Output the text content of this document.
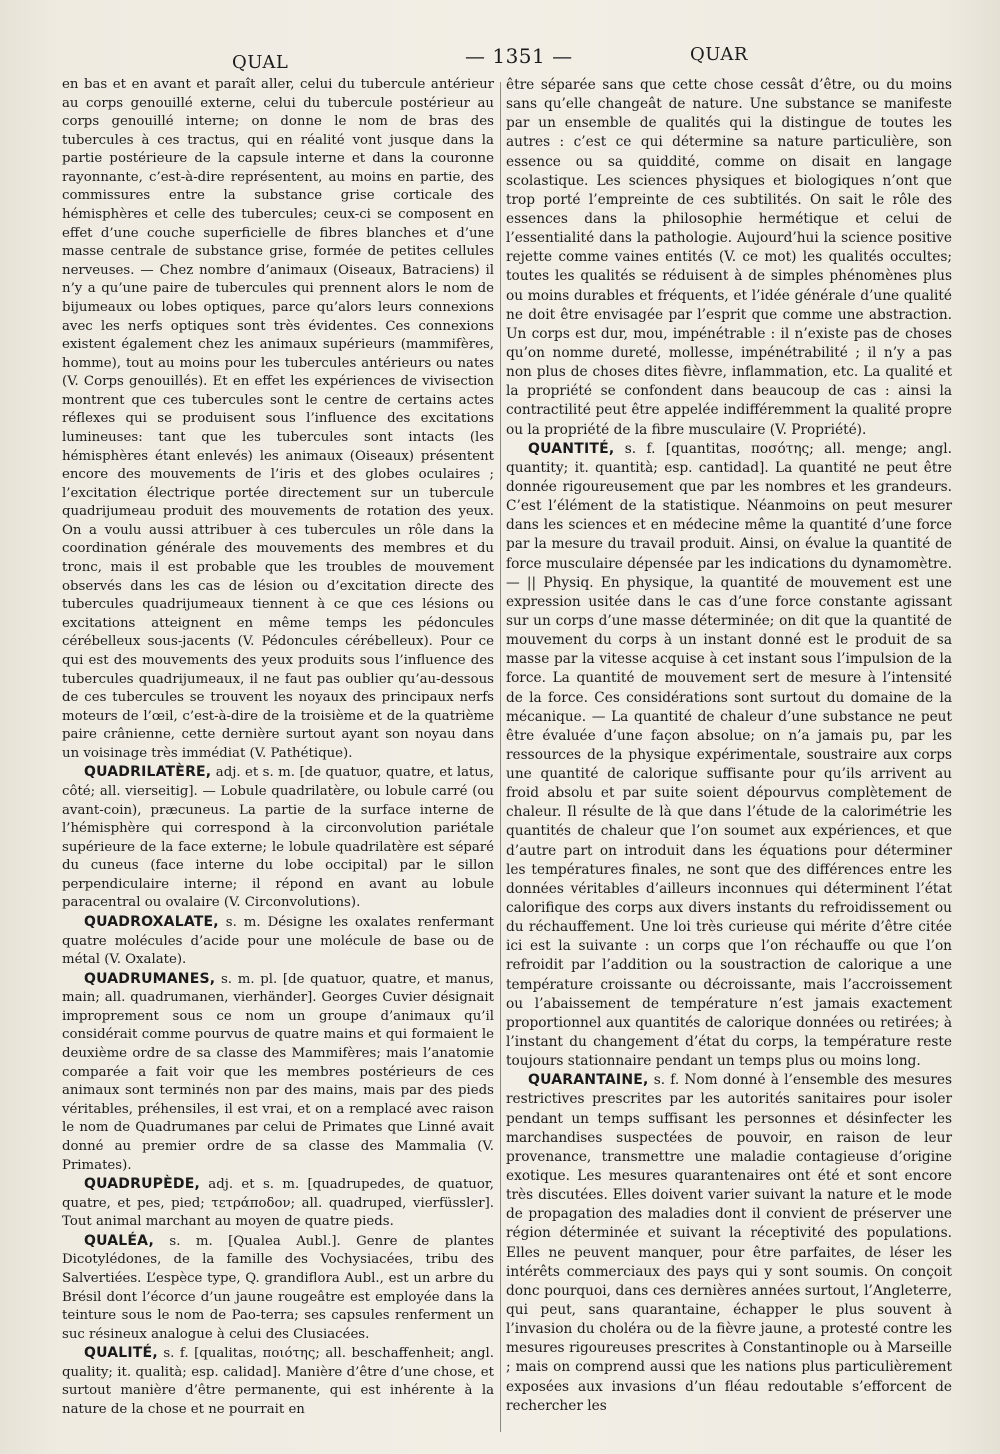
QUAL	— 1351 —	QUAR

en bas et en avant et paraît aller, celui du tubercule antérieur au corps genouillé externe, celui du tubercule postérieur au corps genouillé interne; on donne le nom de bras des tubercules à ces tractus, qui en réalité vont jusque dans la partie postérieure de la capsule interne et dans la couronne rayonnante, c’est-à-dire représentent, au moins en partie, des commissures entre la substance grise corticale des hémisphères et celle des tubercules; ceux-ci se composent en effet d’une couche superficielle de fibres blanches et d’une masse centrale de substance grise, formée de petites cellules nerveuses. — Chez nombre d’animaux (Oiseaux, Batraciens) il n’y a qu’une paire de tubercules qui prennent alors le nom de bijumeaux ou lobes optiques, parce qu’alors leurs connexions avec les nerfs optiques sont très évidentes. Ces connexions existent également chez les animaux supérieurs (mammifères, homme), tout au moins pour les tubercules antérieurs ou nates (V. Corps genouillés). Et en effet les expériences de vivisection montrent que ces tubercules sont le centre de certains actes réflexes qui se produisent sous l’influence des excitations lumineuses: tant que les tubercules sont intacts (les hémisphères étant enlevés) les animaux (Oiseaux) présentent encore des mouvements de l’iris et des globes oculaires ; l’excitation électrique portée directement sur un tubercule quadrijumeau produit des mouvements de rotation des yeux. On a voulu aussi attribuer à ces tubercules un rôle dans la coordination générale des mouvements des membres et du tronc, mais il est probable que les troubles de mouvement observés dans les cas de lésion ou d’excitation directe des tubercules quadrijumeaux tiennent à ce que ces lésions ou excitations atteignent en même temps les pédoncules cérébelleux sous-jacents (V. Pédoncules cérébelleux). Pour ce qui est des mouvements des yeux produits sous l’influence des tubercules quadrijumeaux, il ne faut pas oublier qu’au-dessous de ces tubercules se trouvent les noyaux des principaux nerfs moteurs de l’œil, c’est-à-dire de la troisième et de la quatrième paire crânienne, cette dernière surtout ayant son noyau dans un voisinage très immédiat (V. Pathétique).

QUADRILATÈRE, adj. et s. m. [de quatuor, quatre, et latus, côté; all. vierseitig]. — Lobule quadrilatère, ou lobule carré (ou avant-coin), præcuneus. La partie de la surface interne de l’hémisphère qui correspond à la circonvolution pariétale supérieure de la face externe; le lobule quadrilatère est séparé du cuneus (face interne du lobe occipital) par le sillon perpendiculaire interne; il répond en avant au lobule paracentral ou ovalaire (V. Circonvolutions).

QUADROXALATE, s. m. Désigne les oxalates renfermant quatre molécules d’acide pour une molécule de base ou de métal (V. Oxalate).

QUADRUMANES, s. m. pl. [de quatuor, quatre, et manus, main; all. quadrumanen, vierhänder]. Georges Cuvier désignait improprement sous ce nom un groupe d’animaux qu’il considérait comme pourvus de quatre mains et qui formaient le deuxième ordre de sa classe des Mammifères; mais l’anatomie comparée a fait voir que les membres postérieurs de ces animaux sont terminés non par des mains, mais par des pieds véritables, préhensiles, il est vrai, et on a remplacé avec raison le nom de Quadrumanes par celui de Primates que Linné avait donné au premier ordre de sa classe des Mammalia (V. Primates).

QUADRUPÈDE, adj. et s. m. [quadrupedes, de quatuor, quatre, et pes, pied; τετράποδον; all. quadruped, vierfüssler]. Tout animal marchant au moyen de quatre pieds.

QUALÉA, s. m. [Qualea Aubl.]. Genre de plantes Dicotylédones, de la famille des Vochysiacées, tribu des Salvertiées. L’espèce type, Q. grandiflora Aubl., est un arbre du Brésil dont l’écorce d’un jaune rougeâtre est employée dans la teinture sous le nom de Pao-terra; ses capsules renferment un suc résineux analogue à celui des Clusiacées.

QUALITÉ, s. f. [qualitas, ποιότης; all. beschaffenheit; angl. quality; it. qualità; esp. calidad]. Manière d’être d’une chose, et surtout manière d’être permanente, qui est inhérente à la nature de la chose et ne pourrait en

être séparée sans que cette chose cessât d’être, ou du moins sans qu’elle changeât de nature. Une substance se manifeste par un ensemble de qualités qui la distingue de toutes les autres : c’est ce qui détermine sa nature particulière, son essence ou sa quiddité, comme on disait en langage scolastique. Les sciences physiques et biologiques n’ont que trop porté l’empreinte de ces subtilités. On sait le rôle des essences dans la philosophie hermétique et celui de l’essentialité dans la pathologie. Aujourd’hui la science positive rejette comme vaines entités (V. ce mot) les qualités occultes; toutes les qualités se réduisent à de simples phénomènes plus ou moins durables et fréquents, et l’idée générale d’une qualité ne doit être envisagée par l’esprit que comme une abstraction. Un corps est dur, mou, impénétrable : il n’existe pas de choses qu’on nomme dureté, mollesse, impénétrabilité ; il n’y a pas non plus de choses dites fièvre, inflammation, etc. La qualité et la propriété se confondent dans beaucoup de cas : ainsi la contractilité peut être appelée indifféremment la qualité propre ou la propriété de la fibre musculaire (V. Propriété).

QUANTITÉ, s. f. [quantitas, ποσότης; all. menge; angl. quantity; it. quantità; esp. cantidad]. La quantité ne peut être donnée rigoureusement que par les nombres et les grandeurs. C’est l’élément de la statistique. Néanmoins on peut mesurer dans les sciences et en médecine même la quantité d’une force par la mesure du travail produit. Ainsi, on évalue la quantité de force musculaire dépensée par les indications du dynamomètre. — || Physiq. En physique, la quantité de mouvement est une expression usitée dans le cas d’une force constante agissant sur un corps d’une masse déterminée; on dit que la quantité de mouvement du corps à un instant donné est le produit de sa masse par la vitesse acquise à cet instant sous l’impulsion de la force. La quantité de mouvement sert de mesure à l’intensité de la force. Ces considérations sont surtout du domaine de la mécanique. — La quantité de chaleur d’une substance ne peut être évaluée d’une façon absolue; on n’a jamais pu, par les ressources de la physique expérimentale, soustraire aux corps une quantité de calorique suffisante pour qu’ils arrivent au froid absolu et par suite soient dépourvus complètement de chaleur. Il résulte de là que dans l’étude de la calorimétrie les quantités de chaleur que l’on soumet aux expériences, et que d’autre part on introduit dans les équations pour déterminer les températures finales, ne sont que des différences entre les données véritables d’ailleurs inconnues qui déterminent l’état calorifique des corps aux divers instants du refroidissement ou du réchauffement. Une loi très curieuse qui mérite d’être citée ici est la suivante : un corps que l’on réchauffe ou que l’on refroidit par l’addition ou la soustraction de calorique a une température croissante ou décroissante, mais l’accroissement ou l’abaissement de température n’est jamais exactement proportionnel aux quantités de calorique données ou retirées; à l’instant du changement d’état du corps, la température reste toujours stationnaire pendant un temps plus ou moins long.

QUARANTAINE, s. f. Nom donné à l’ensemble des mesures restrictives prescrites par les autorités sanitaires pour isoler pendant un temps suffisant les personnes et désinfecter les marchandises suspectées de pouvoir, en raison de leur provenance, transmettre une maladie contagieuse d’origine exotique. Les mesures quarantenaires ont été et sont encore très discutées. Elles doivent varier suivant la nature et le mode de propagation des maladies dont il convient de préserver une région déterminée et suivant la réceptivité des populations. Elles ne peuvent manquer, pour être parfaites, de léser les intérêts commerciaux des pays qui y sont soumis. On conçoit donc pourquoi, dans ces dernières années surtout, l’Angleterre, qui peut, sans quarantaine, échapper le plus souvent à l’invasion du choléra ou de la fièvre jaune, a protesté contre les mesures rigoureuses prescrites à Constantinople ou à Marseille ; mais on comprend aussi que les nations plus particulièrement exposées aux invasions d’un fléau redoutable s’efforcent de rechercher les
